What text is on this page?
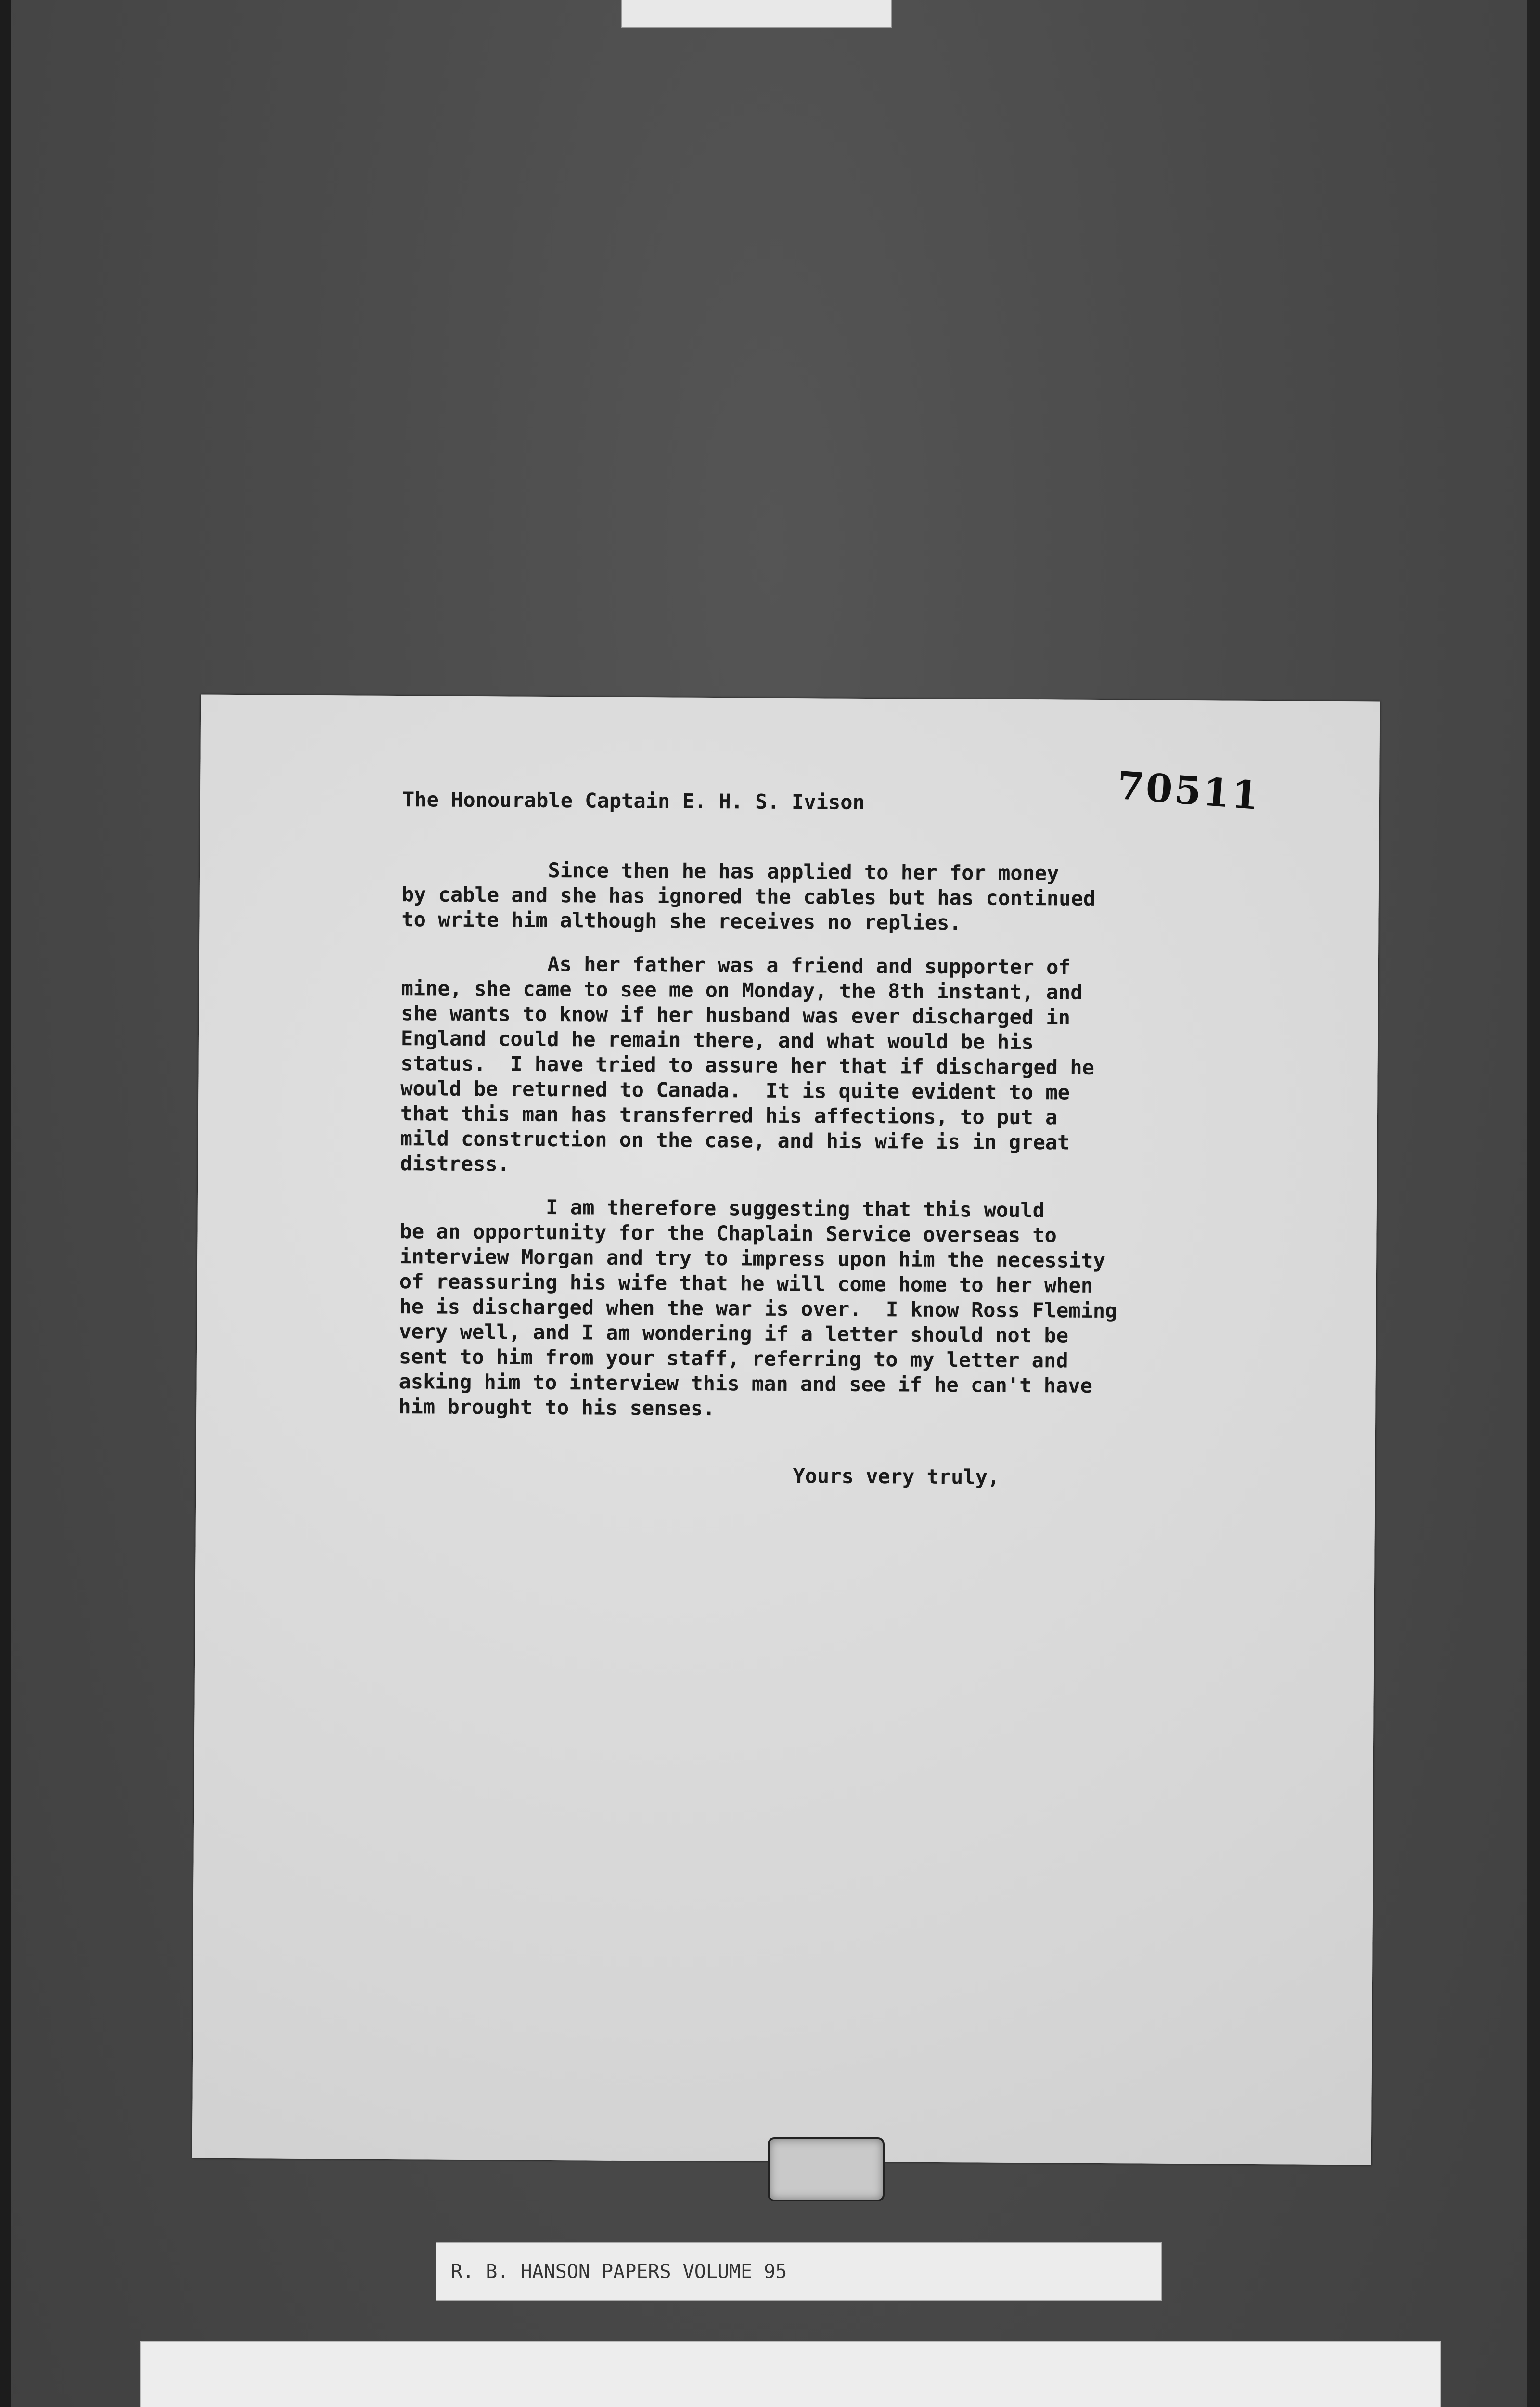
The Honourable Captain E. H. S. Ivison	70511

Since then he has applied to her for money
by cable and she has ignored the cables but has continued
to write him although she receives no replies.

As her father was a friend and supporter of
mine, she came to see me on Monday, the 8th instant, and
she wants to know if her husband was ever discharged in
England could he remain there, and what would be his
status.  I have tried to assure her that if discharged he
would be returned to Canada.  It is quite evident to me
that this man has transferred his affections, to put a
mild construction on the case, and his wife is in great
distress.

I am therefore suggesting that this would
be an opportunity for the Chaplain Service overseas to
interview Morgan and try to impress upon him the necessity
of reassuring his wife that he will come home to her when
he is discharged when the war is over.  I know Ross Fleming
very well, and I am wondering if a letter should not be
sent to him from your staff, referring to my letter and
asking him to interview this man and see if he can't have
him brought to his senses.

Yours very truly,
R. B. HANSON PAPERS VOLUME 95
